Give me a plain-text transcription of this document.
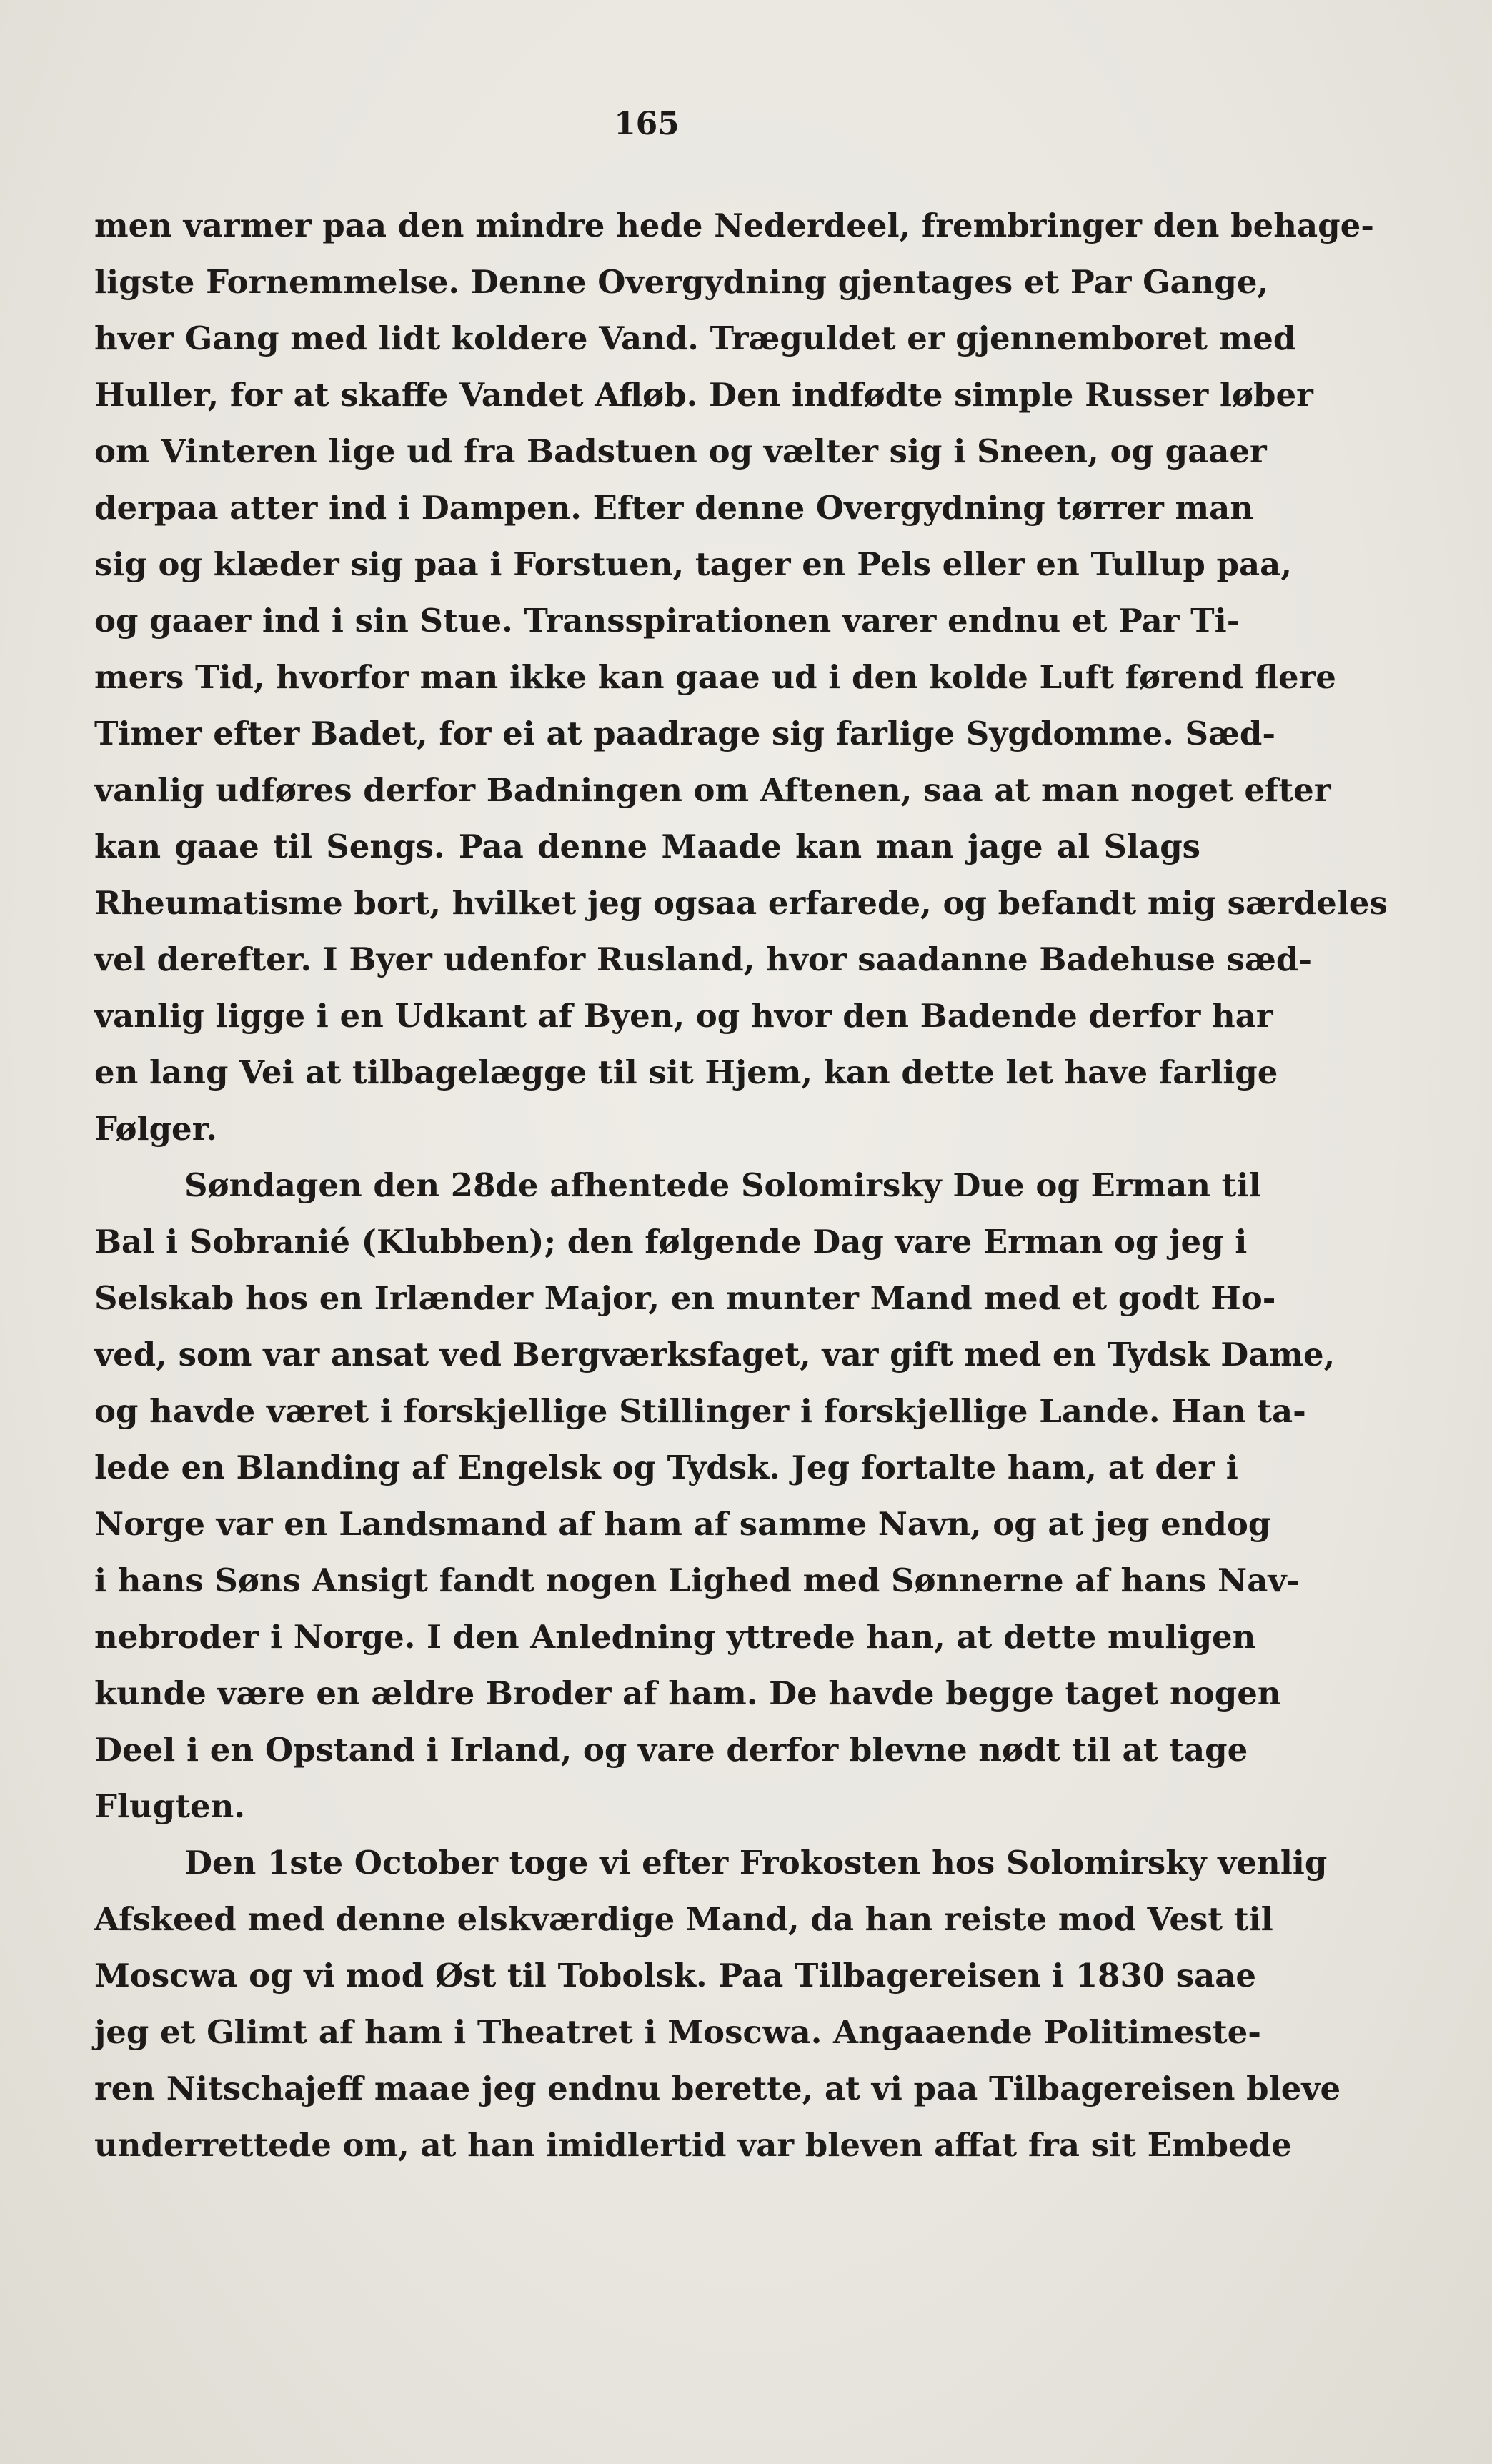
165
men varmer paa den mindre hede Nederdeel, frembringer den behage-
ligste Fornemmelse. Denne Overgydning gjentages et Par Gange,
hver Gang med lidt koldere Vand. Træguldet er gjennemboret med
Huller, for at skaffe Vandet Afløb. Den indfødte simple Russer løber
om Vinteren lige ud fra Badstuen og vælter sig i Sneen, og gaaer
derpaa atter ind i Dampen. Efter denne Overgydning tørrer man
sig og klæder sig paa i Forstuen, tager en Pels eller en Tullup paa,
og gaaer ind i sin Stue. Transspirationen varer endnu et Par Ti-
mers Tid, hvorfor man ikke kan gaae ud i den kolde Luft førend flere
Timer efter Badet, for ei at paadrage sig farlige Sygdomme. Sæd-
vanlig udføres derfor Badningen om Aftenen, saa at man noget efter
kan gaae til Sengs. Paa denne Maade kan man jage al Slags
Rheumatisme bort, hvilket jeg ogsaa erfarede, og befandt mig særdeles
vel derefter. I Byer udenfor Rusland, hvor saadanne Badehuse sæd-
vanlig ligge i en Udkant af Byen, og hvor den Badende derfor har
en lang Vei at tilbagelægge til sit Hjem, kan dette let have farlige
Følger.
Søndagen den 28de afhentede Solomirsky Due og Erman til
Bal i Sobranié (Klubben); den følgende Dag vare Erman og jeg i
Selskab hos en Irlænder Major, en munter Mand med et godt Ho-
ved, som var ansat ved Bergværksfaget, var gift med en Tydsk Dame,
og havde været i forskjellige Stillinger i forskjellige Lande. Han ta-
lede en Blanding af Engelsk og Tydsk. Jeg fortalte ham, at der i
Norge var en Landsmand af ham af samme Navn, og at jeg endog
i hans Søns Ansigt fandt nogen Lighed med Sønnerne af hans Nav-
nebroder i Norge. I den Anledning yttrede han, at dette muligen
kunde være en ældre Broder af ham. De havde begge taget nogen
Deel i en Opstand i Irland, og vare derfor blevne nødt til at tage
Flugten.
Den 1ste October toge vi efter Frokosten hos Solomirsky venlig
Afskeed med denne elskværdige Mand, da han reiste mod Vest til
Moscwa og vi mod Øst til Tobolsk. Paa Tilbagereisen i 1830 saae
jeg et Glimt af ham i Theatret i Moscwa. Angaaende Politimeste-
ren Nitschajeff maae jeg endnu berette, at vi paa Tilbagereisen bleve
underrettede om, at han imidlertid var bleven affat fra sit Embede
